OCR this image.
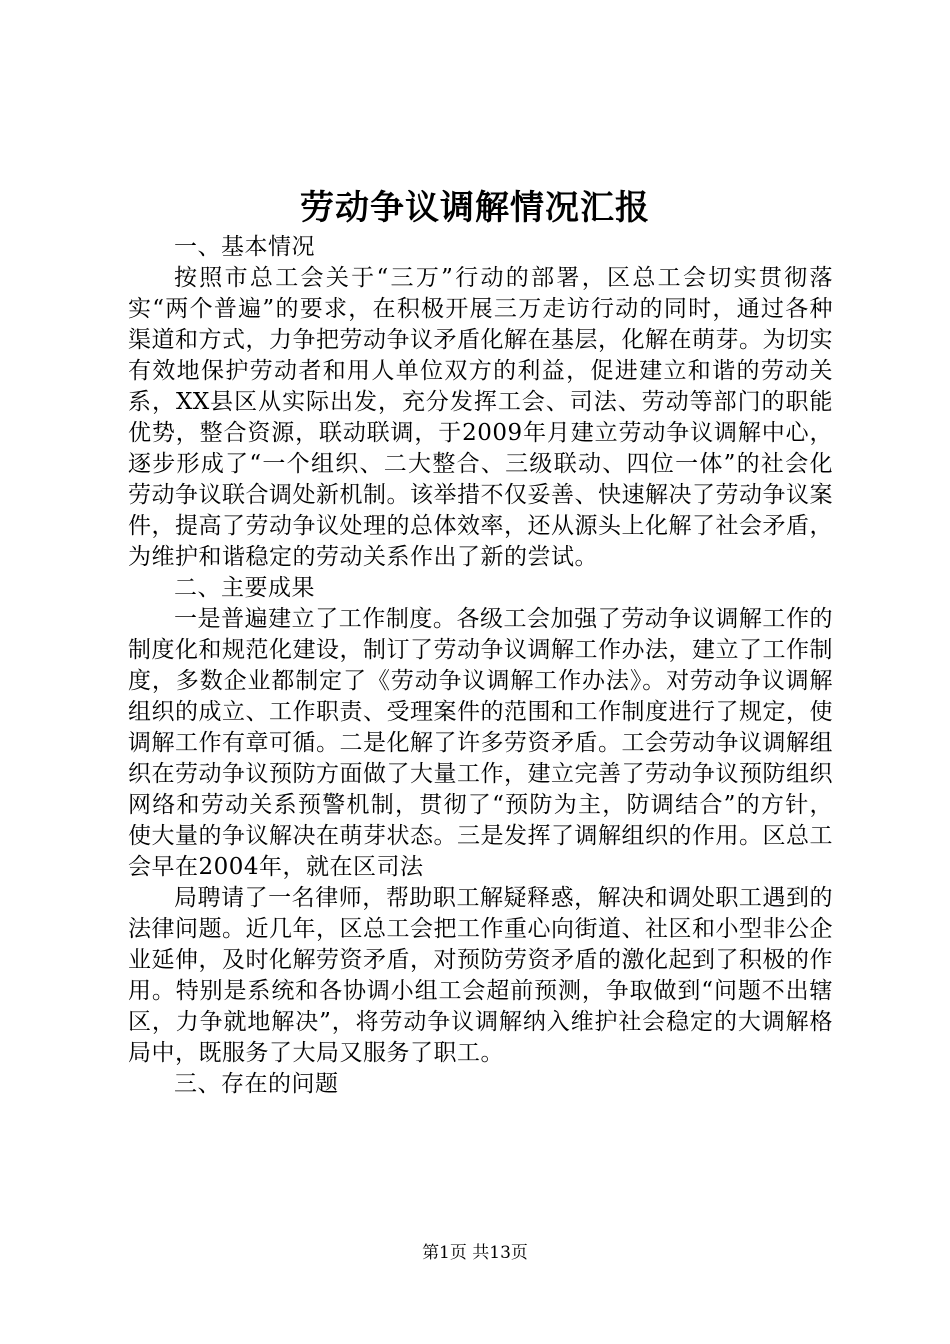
劳动争议调解情况汇报

一、基本情况

按照市总工会关于“三万”行动的部署，区总工会切实贯彻落实“两个普遍”的要求，在积极开展三万走访行动的同时，通过各种渠道和方式，力争把劳动争议矛盾化解在基层，化解在萌芽。为切实有效地保护劳动者和用人单位双方的利益，促进建立和谐的劳动关系，XX县区从实际出发，充分发挥工会、司法、劳动等部门的职能优势，整合资源，联动联调，于2009年月建立劳动争议调解中心，逐步形成了“一个组织、二大整合、三级联动、四位一体”的社会化劳动争议联合调处新机制。该举措不仅妥善、快速解决了劳动争议案件，提高了劳动争议处理的总体效率，还从源头上化解了社会矛盾，为维护和谐稳定的劳动关系作出了新的尝试。

二、主要成果

一是普遍建立了工作制度。各级工会加强了劳动争议调解工作的制度化和规范化建设，制订了劳动争议调解工作办法，建立了工作制度，多数企业都制定了《劳动争议调解工作办法》。对劳动争议调解组织的成立、工作职责、受理案件的范围和工作制度进行了规定，使调解工作有章可循。二是化解了许多劳资矛盾。工会劳动争议调解组织在劳动争议预防方面做了大量工作，建立完善了劳动争议预防组织网络和劳动关系预警机制，贯彻了“预防为主，防调结合”的方针，使大量的争议解决在萌芽状态。三是发挥了调解组织的作用。区总工会早在2004年，就在区司法

局聘请了一名律师，帮助职工解疑释惑，解决和调处职工遇到的法律问题。近几年，区总工会把工作重心向街道、社区和小型非公企业延伸，及时化解劳资矛盾，对预防劳资矛盾的激化起到了积极的作用。特别是系统和各协调小组工会超前预测，争取做到“问题不出辖区，力争就地解决”，将劳动争议调解纳入维护社会稳定的大调解格局中，既服务了大局又服务了职工。

三、存在的问题

第1页 共13页
